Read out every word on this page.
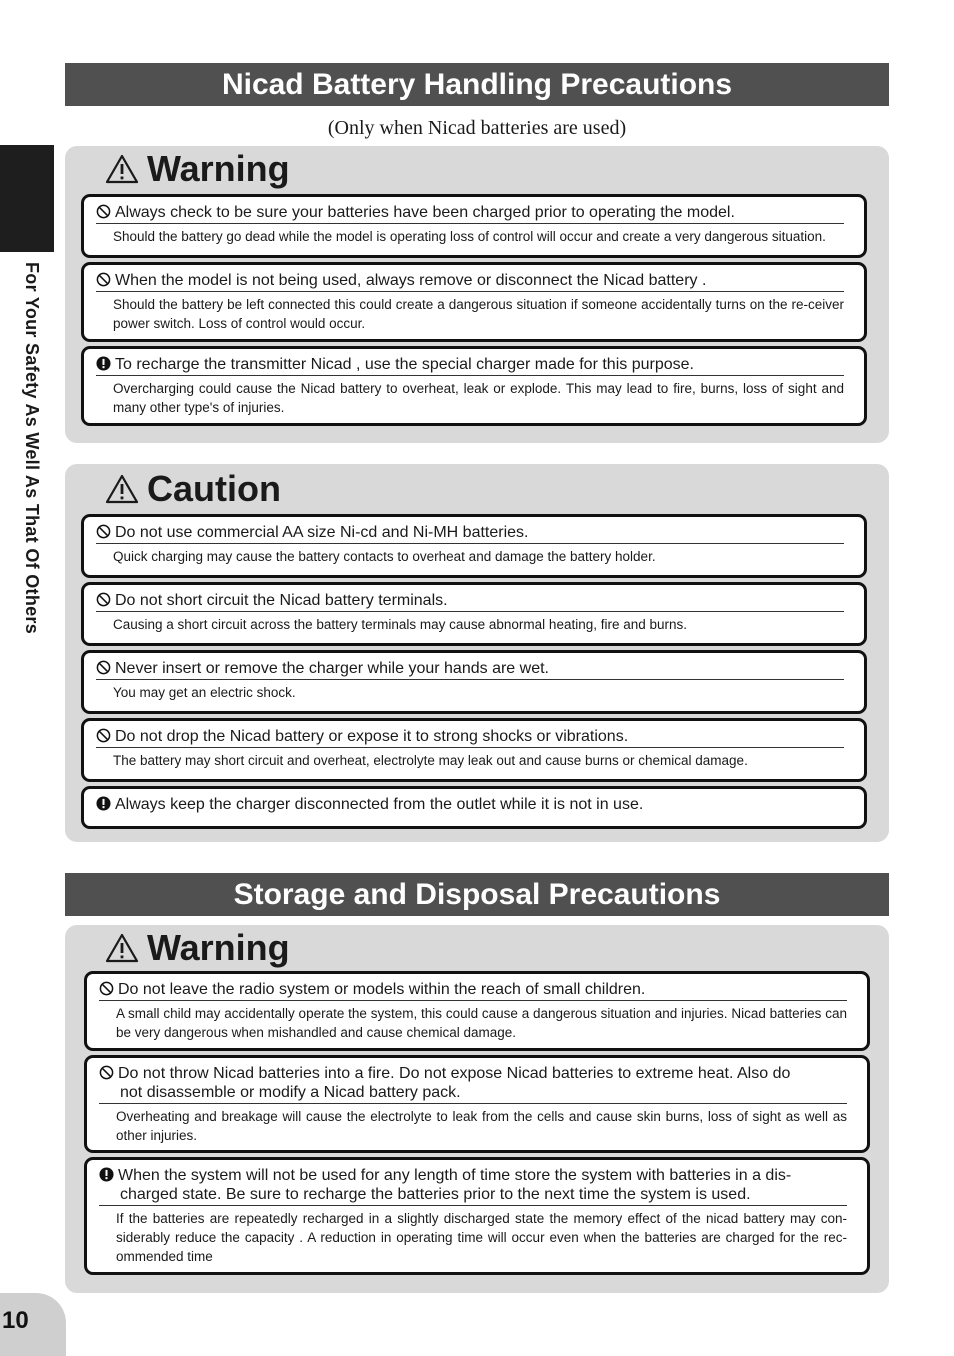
For Your Safety As Well As That Of Others
Nicad Battery Handling Precautions
(Only when Nicad batteries are used)
Warning
Always check to be sure your batteries have been charged prior to operating the model.
Should the battery go dead while the model is operating loss of control will occur and create a very dangerous situation.
When the model is not being used, always remove or disconnect the Nicad battery .
Should the battery be left connected this could create a dangerous situation if someone accidentally turns on the re-ceiver power switch. Loss of control would occur.
To recharge the transmitter Nicad , use the special charger made for this purpose.
Overcharging could cause the Nicad battery to overheat, leak or explode. This may lead to fire, burns, loss of sight and many other type's of injuries.
Caution
Do not use commercial AA size Ni-cd and Ni-MH batteries.
Quick charging may cause the battery contacts to overheat and damage the battery holder.
Do not short circuit the Nicad battery terminals.
Causing a short circuit across the battery terminals may cause abnormal heating, fire and burns.
Never insert or remove the charger while your hands are wet.
You may get an electric shock.
Do not drop the Nicad battery or expose it to strong shocks or vibrations.
The battery may short circuit and overheat, electrolyte may leak out and cause burns or chemical damage.
Always keep the charger disconnected from the outlet while it is not in use.
Storage and Disposal Precautions
Warning
Do not leave the radio system or models within the reach of small children.
A small child may accidentally operate the system, this could cause a dangerous situation and injuries. Nicad batteries can be very dangerous when mishandled and cause chemical damage.
Do not throw Nicad batteries into a fire. Do not expose Nicad batteries to extreme heat. Also do
not disassemble or modify a Nicad battery pack.
Overheating and breakage will cause the electrolyte to leak from the cells and cause skin burns, loss of sight as well as other injuries.
When the system will not be used for any length of time store the system with batteries in a dis-
charged state. Be sure to recharge the batteries prior to the next time the system is used.
If the batteries are repeatedly recharged in a slightly discharged state the memory effect of the nicad battery may con-siderably reduce the capacity . A reduction in operating time will occur even when the batteries are charged for the rec-ommended time
10
